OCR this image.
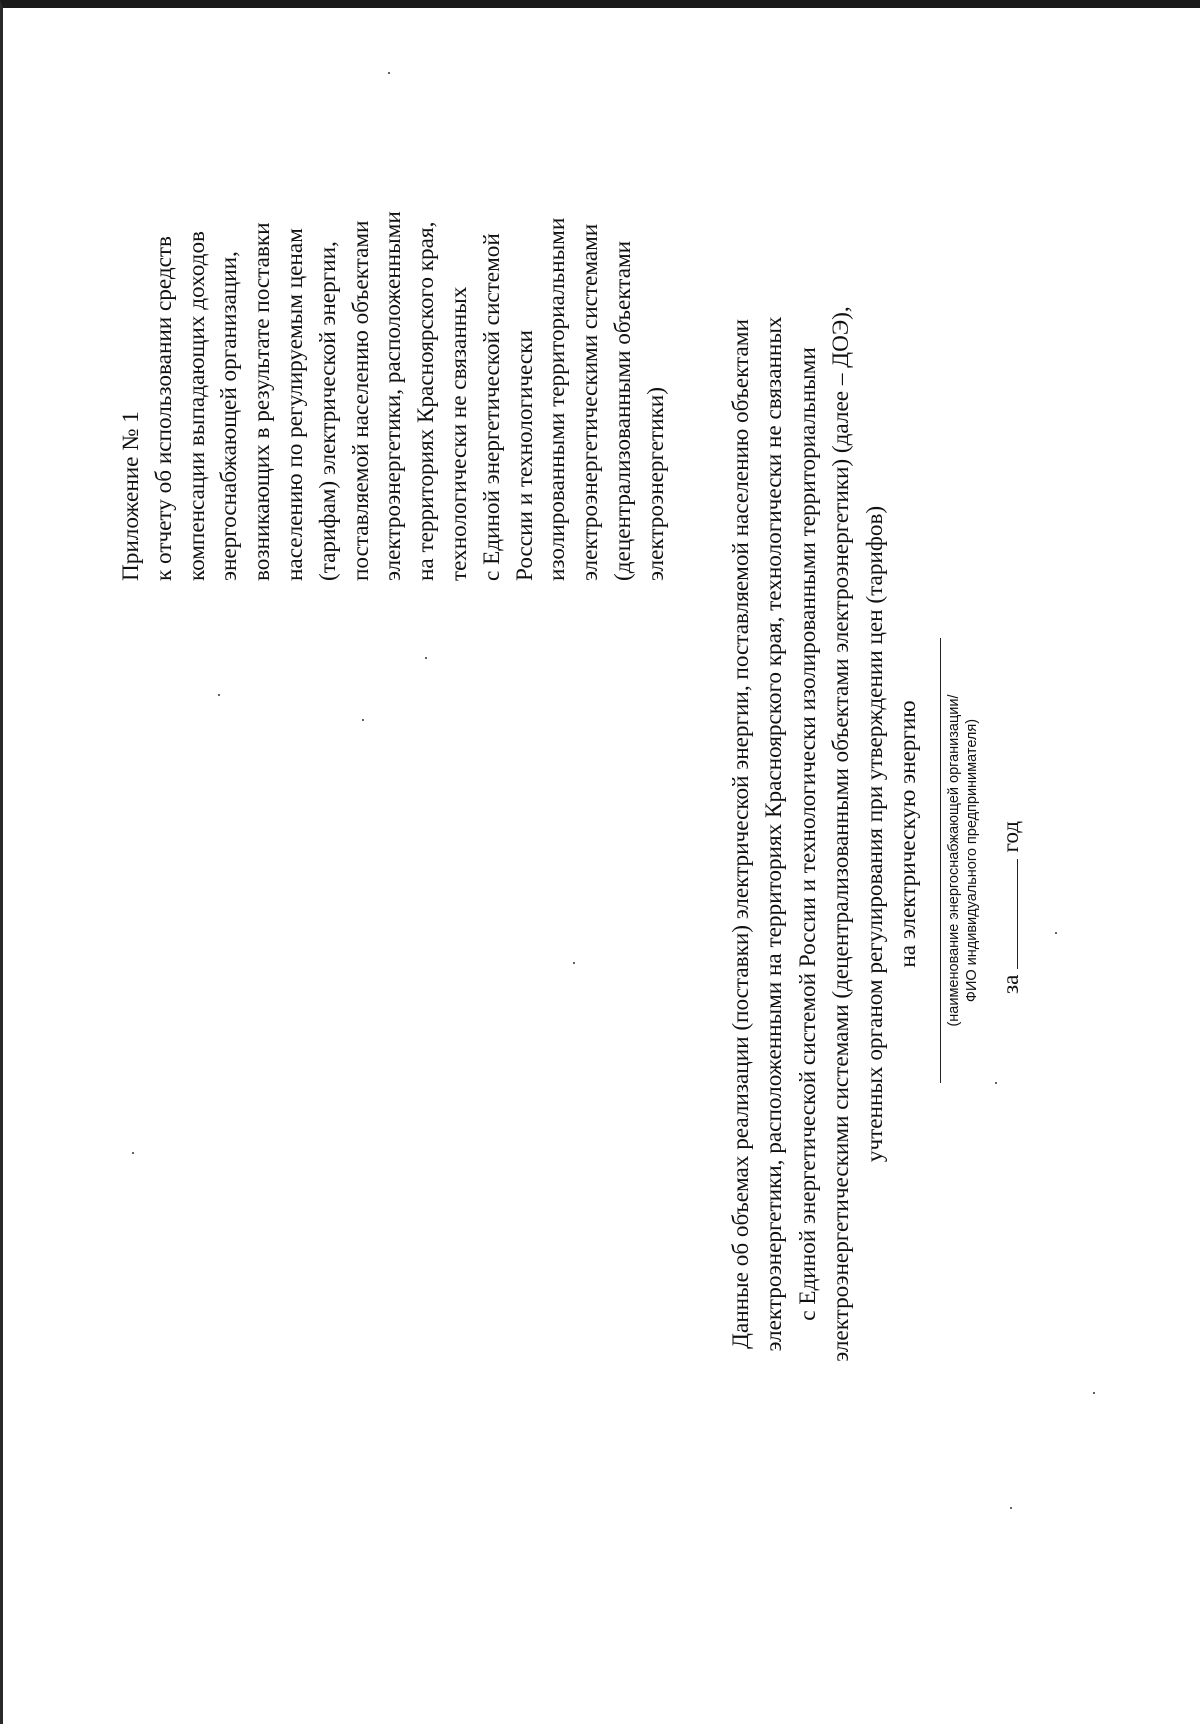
Приложение № 1 к отчету об использовании средств компенсации выпадающих доходов энергоснабжающей организации, возникающих в результате поставки населению по регулируемым ценам (тарифам) электрической энергии, поставляемой населению объектами электроэнергетики, расположенными на территориях Красноярского края, технологически не связанных с Единой энергетической системой России и технологически изолированными территориальными электроэнергетическими системами (децентрализованными объектами электроэнергетики)	Данные об объемах реализации (поставки) электрической энергии, поставляемой населению объектами электроэнергетики, расположенными на территориях Красноярского края, технологически не связанных с Единой энергетической системой России и технологически изолированными территориальными электроэнергетическими системами (децентрализованными объектами электроэнергетики) (далее – ДОЭ), учтенных органом регулирования при утверждении цен (тарифов) на электрическую энергию	(наименование энергоснабжающей организации/ ФИО индивидуального предпринимателя) загод
